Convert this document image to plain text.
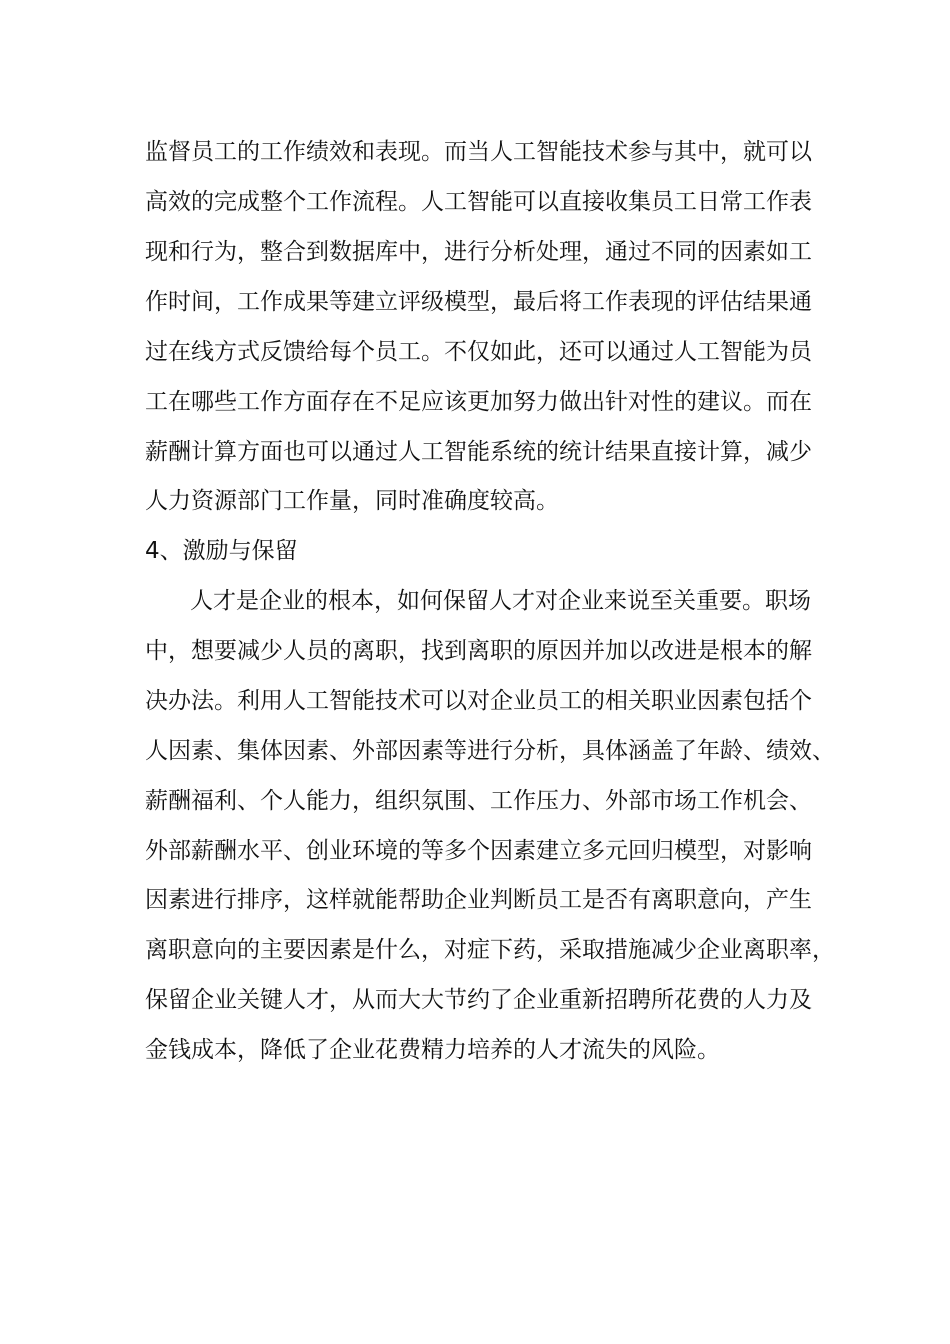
监督员工的工作绩效和表现。而当人工智能技术参与其中，就可以
高效的完成整个工作流程。人工智能可以直接收集员工日常工作表
现和行为，整合到数据库中，进行分析处理，通过不同的因素如工
作时间，工作成果等建立评级模型，最后将工作表现的评估结果通
过在线方式反馈给每个员工。不仅如此，还可以通过人工智能为员
工在哪些工作方面存在不足应该更加努力做出针对性的建议。而在
薪酬计算方面也可以通过人工智能系统的统计结果直接计算，减少
人力资源部门工作量，同时准确度较高。
4、激励与保留
人才是企业的根本，如何保留人才对企业来说至关重要。职场
中，想要减少人员的离职，找到离职的原因并加以改进是根本的解
决办法。利用人工智能技术可以对企业员工的相关职业因素包括个
人因素、集体因素、外部因素等进行分析，具体涵盖了年龄、绩效、
薪酬福利、个人能力，组织氛围、工作压力、外部市场工作机会、
外部薪酬水平、创业环境的等多个因素建立多元回归模型，对影响
因素进行排序，这样就能帮助企业判断员工是否有离职意向，产生
离职意向的主要因素是什么，对症下药，采取措施减少企业离职率，
保留企业关键人才，从而大大节约了企业重新招聘所花费的人力及
金钱成本，降低了企业花费精力培养的人才流失的风险。
